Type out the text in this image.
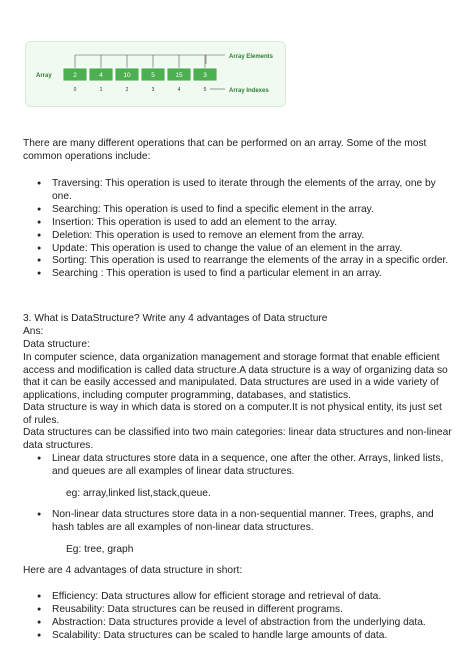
Array
Array Elements
Array Indexes
2
0
4
1
10
2
5
3
15
4
3
5

There are many different operations that can be performed on an array. Some of the most common operations include:

● Traversing: This operation is used to iterate through the elements of the array, one by one.
● Searching: This operation is used to find a specific element in the array.
● Insertion: This operation is used to add an element to the array.
● Deletion: This operation is used to remove an element from the array.
● Update: This operation is used to change the value of an element in the array.
● Sorting: This operation is used to rearrange the elements of the array in a specific order.
● Searching : This operation is used to find a particular element in an array.

3. What is DataStructure? Write any 4 advantages of Data structure

Ans:

Data structure:

In computer science, data organization management and storage format that enable efficient access and modification is called data structure.A data structure is a way of organizing data so that it can be easily accessed and manipulated. Data structures are used in a wide variety of applications, including computer programming, databases, and statistics.

Data structure is way in which data is stored on a computer.It is not physical entity, its just set of rules.

Data structures can be classified into two main categories: linear data structures and non-linear data structures.

● Linear data structures store data in a sequence, one after the other. Arrays, linked lists, and queues are all examples of linear data structures.

eg: array,linked list,stack,queue.

● Non-linear data structures store data in a non-sequential manner. Trees, graphs, and hash tables are all examples of non-linear data structures.

Eg: tree, graph

Here are 4 advantages of data structure in short:

● Efficiency: Data structures allow for efficient storage and retrieval of data.
● Reusability: Data structures can be reused in different programs.
● Abstraction: Data structures provide a level of abstraction from the underlying data.
● Scalability: Data structures can be scaled to handle large amounts of data.
